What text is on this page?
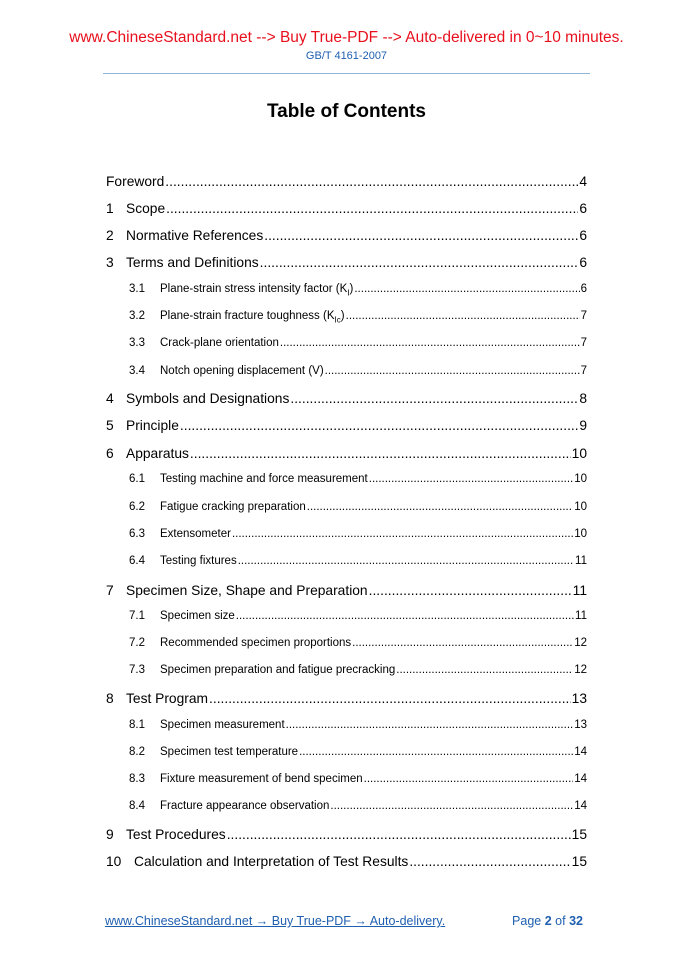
www.ChineseStandard.net --> Buy True-PDF --> Auto-delivered in 0~10 minutes.
GB/T 4161-2007
Table of Contents
Foreword .....	4
1 Scope .....	6
2 Normative References .....	6
3 Terms and Definitions .....	6
3.1	Plane-strain stress intensity factor $(K_I)$ .....	6
3.2	Plane-strain fracture toughness $(K_{Ic})$ .....	7
3.3	Crack-plane orientation .....	7
3.4	Notch opening displacement (V) .....	7
4 Symbols and Designations .....	8
5 Principle .....	9
6 Apparatus .....	10
6.1	Testing machine and force measurement .....	10
6.2	Fatigue cracking preparation .....	10
6.3	Extensometer .....	10
6.4	Testing fixtures .....	11
7 Specimen Size, Shape and Preparation .....	11
7.1	Specimen size .....	11
7.2	Recommended specimen proportions .....	12
7.3	Specimen preparation and fatigue precracking .....	12
8 Test Program .....	13
8.1	Specimen measurement .....	13
8.2	Specimen test temperature .....	14
8.3	Fixture measurement of bend specimen .....	14
8.4	Fracture appearance observation .....	14
9 Test Procedures .....	15
10 Calculation and Interpretation of Test Results .....	15
www.ChineseStandard.net → Buy True-PDF → Auto-delivery.	Page 2 of 32
